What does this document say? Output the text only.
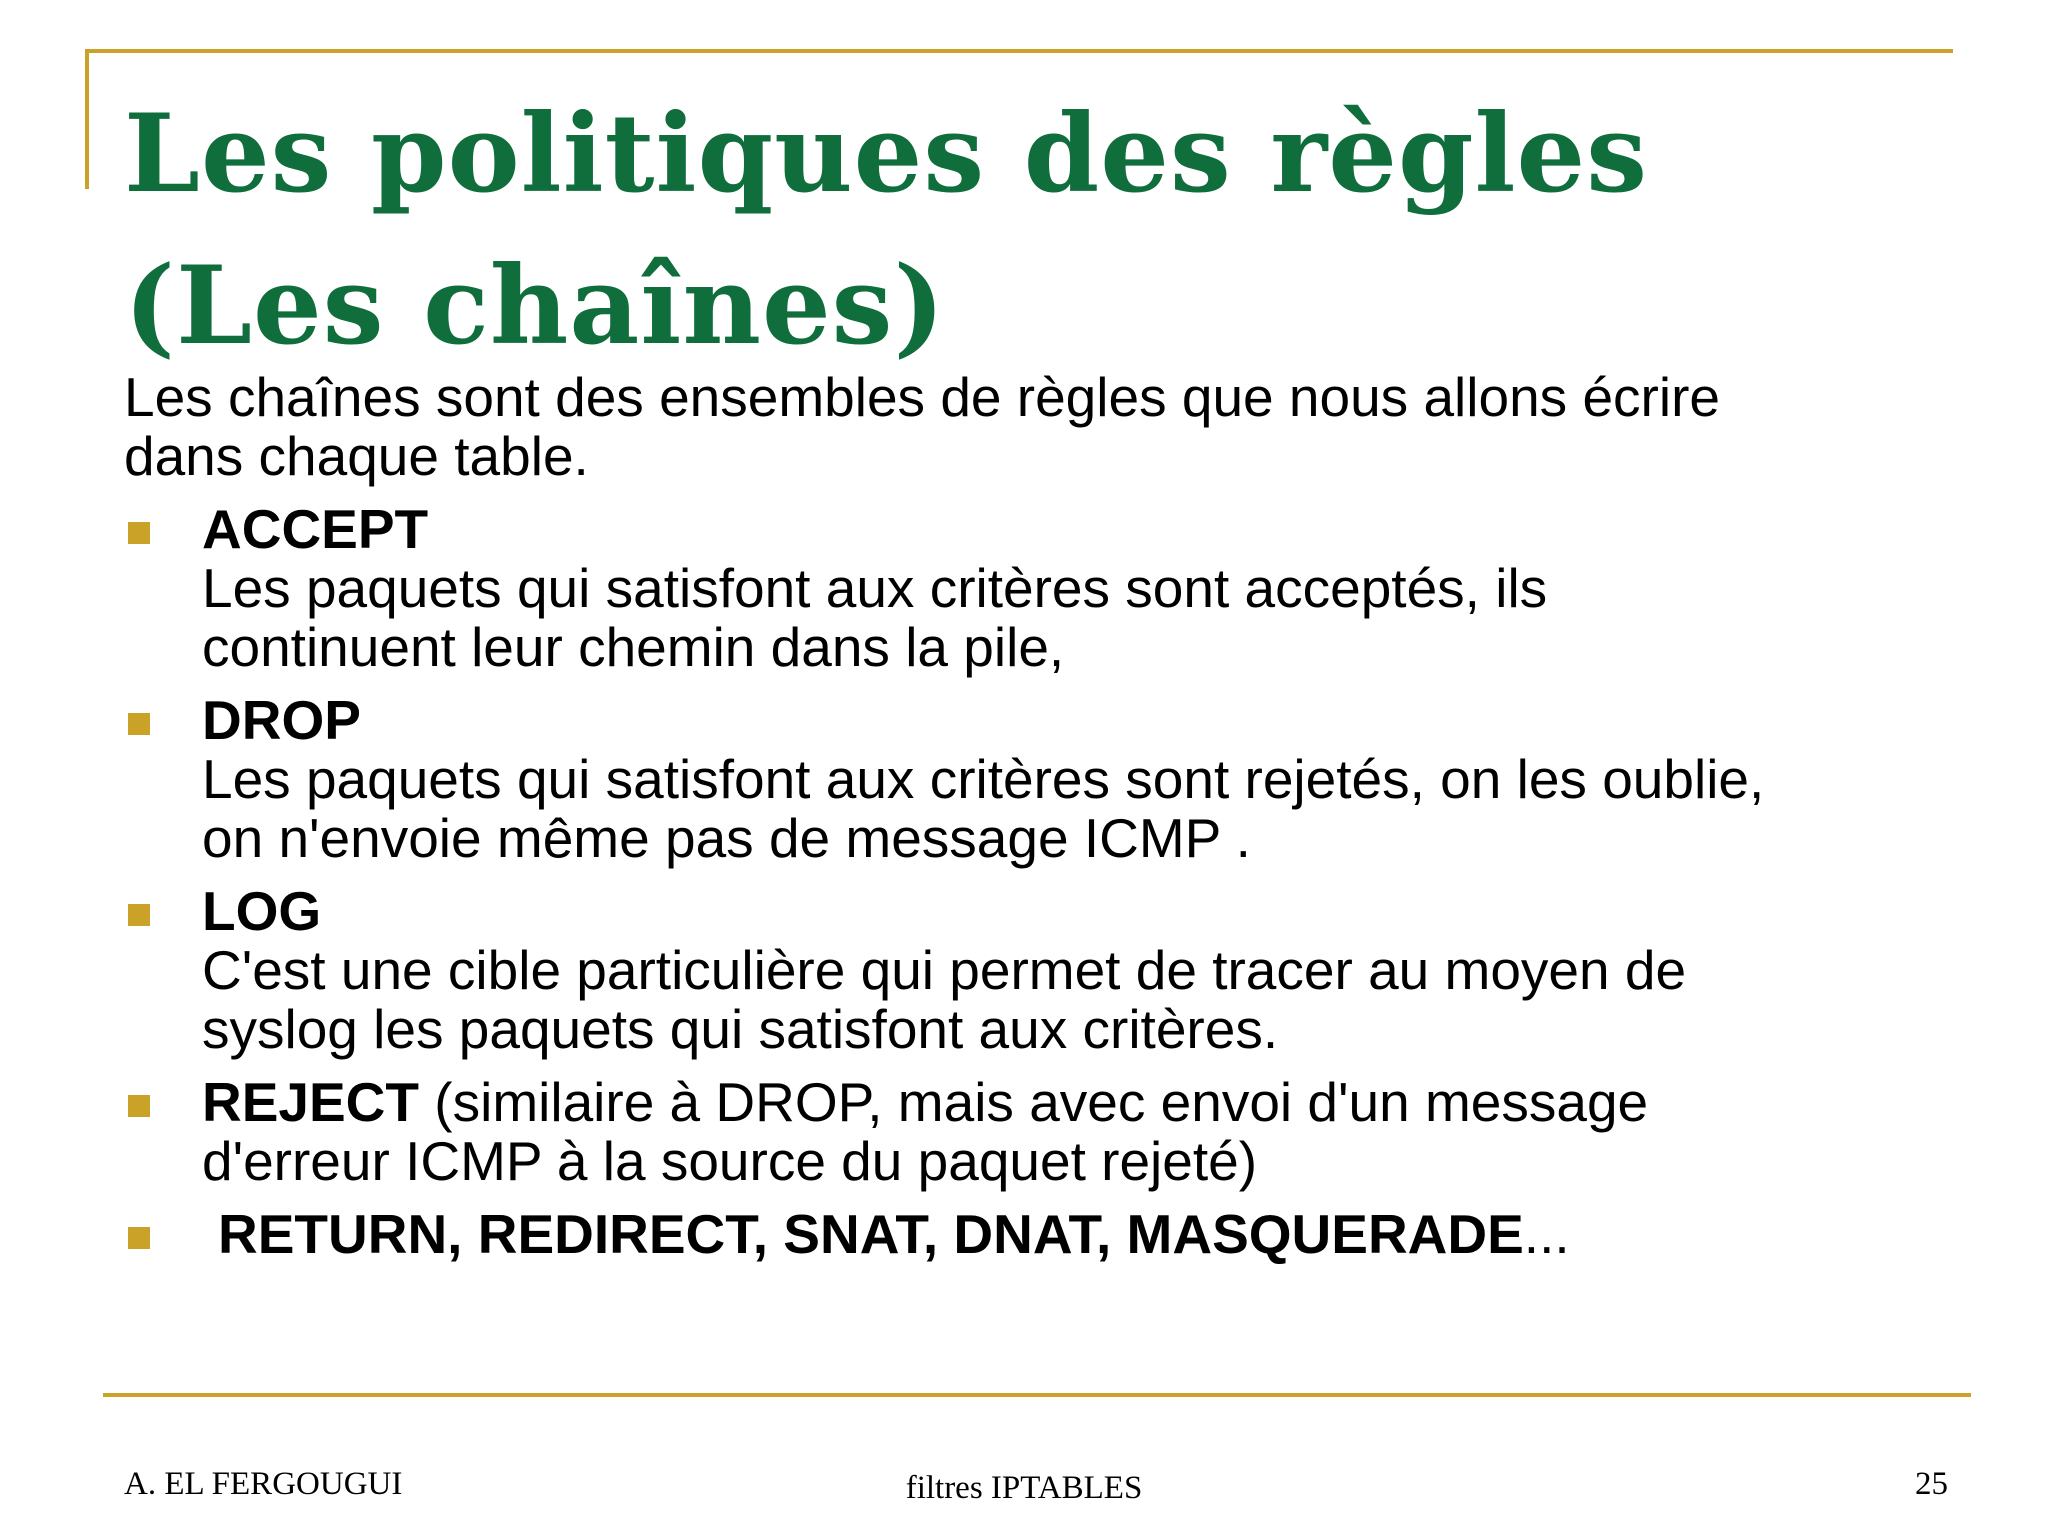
Les politiques des règles (Les chaînes)

Les chaînes sont des ensembles de règles que nous allons écrire
dans chaque table.

ACCEPT
Les paquets qui satisfont aux critères sont acceptés, ils
continuent leur chemin dans la pile,
DROP
Les paquets qui satisfont aux critères sont rejetés, on les oublie,
on n'envoie même pas de message ICMP .
LOG
C'est une cible particulière qui permet de tracer au moyen de
syslog les paquets qui satisfont aux critères.
REJECT (similaire à DROP, mais avec envoi d'un message
d'erreur ICMP à la source du paquet rejeté)
RETURN, REDIRECT, SNAT, DNAT, MASQUERADE...
A. EL FERGOUGUI	filtres IPTABLES	25
